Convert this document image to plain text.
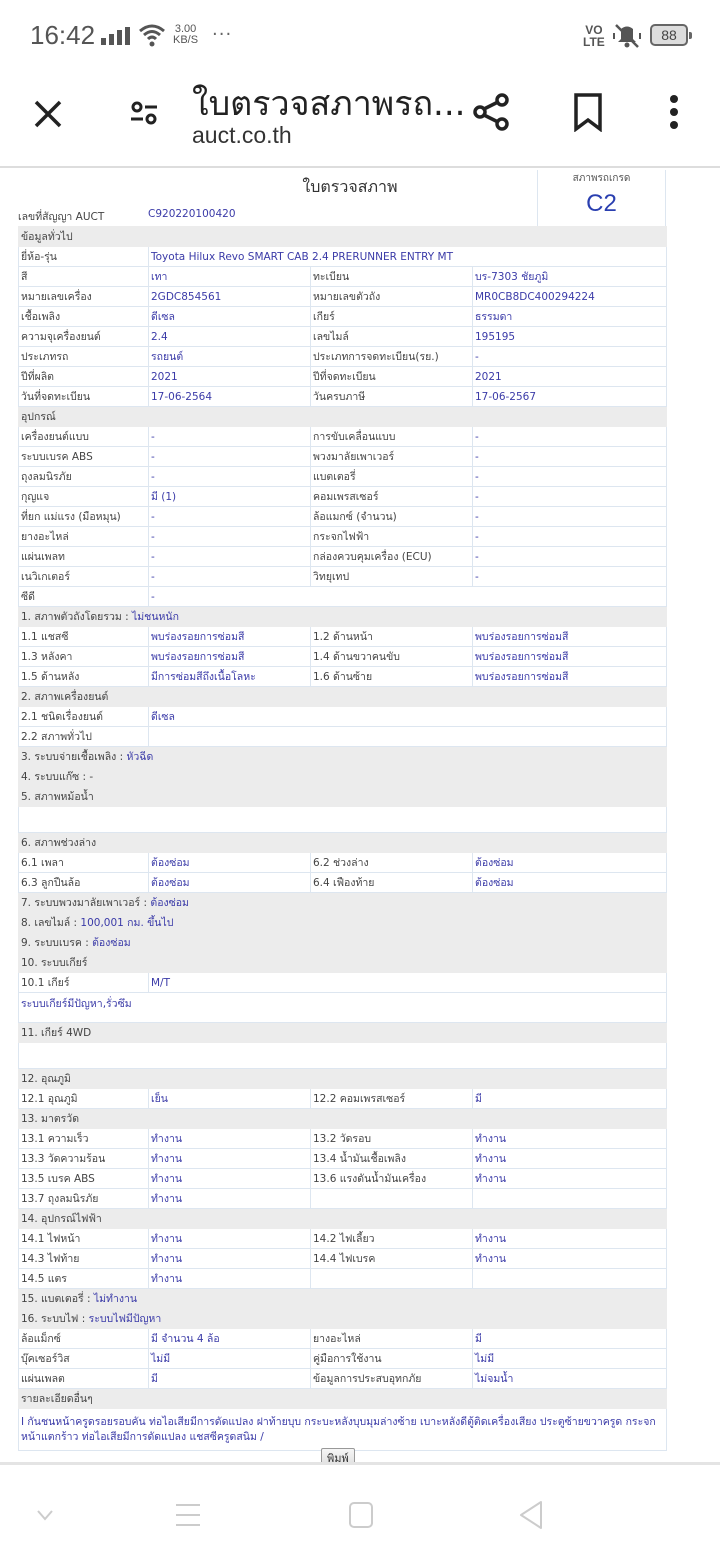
16:42	3.00
KB/S ···	VO
LTE	88
ใบตรวจสภาพรถ...
auct.co.th
ใบตรวจสภาพ	สภาพรถเกรด
C2
เลขที่สัญญา AUCT	C920220100420
ข้อมูลทั่วไป			
ยี่ห้อ-รุ่น	Toyota Hilux Revo SMART CAB 2.4 PRERUNNER ENTRY MT		
สี	เทา	ทะเบียน	บร-7303 ชัยภูมิ
หมายเลขเครื่อง	2GDC854561	หมายเลขตัวถัง	MR0CB8DC400294224
เชื้อเพลิง	ดีเซล	เกียร์	ธรรมดา
ความจุเครื่องยนต์	2.4	เลขไมล์	195195
ประเภทรถ	รถยนต์	ประเภทการจดทะเบียน(รย.)	-
ปีที่ผลิต	2021	ปีที่จดทะเบียน	2021
วันที่จดทะเบียน	17-06-2564	วันครบภาษี	17-06-2567
อุปกรณ์			
เครื่องยนต์แบบ	-	การขับเคลื่อนแบบ	-
ระบบเบรค ABS	-	พวงมาลัยเพาเวอร์	-
ถุงลมนิรภัย	-	แบตเตอรี่	-
กุญแจ	มี (1)	คอมเพรสเซอร์	-
ที่ยก แม่แรง (มือหมุน)	-	ล้อแมกซ์ (จำนวน)	-
ยางอะไหล่	-	กระจกไฟฟ้า	-
แผ่นเพลท	-	กล่องควบคุมเครื่อง (ECU)	-
เนวิเกเตอร์	-	วิทยุเทป	-
ซีดี	-		
1. สภาพตัวถังโดยรวม : ไม่ชนหนัก			
1.1 แชสซี	พบร่องรอยการซ่อมสี	1.2 ด้านหน้า	พบร่องรอยการซ่อมสี
1.3 หลังคา	พบร่องรอยการซ่อมสี	1.4 ด้านขวาคนขับ	พบร่องรอยการซ่อมสี
1.5 ด้านหลัง	มีการซ่อมสีถึงเนื้อโลหะ	1.6 ด้านซ้าย	พบร่องรอยการซ่อมสี
2. สภาพเครื่องยนต์			
2.1 ชนิดเรื่องยนต์	ดีเซล		
2.2 สภาพทั่วไป			
3. ระบบจ่ายเชื้อเพลิง : หัวฉีด			
4. ระบบแก๊ซ : -			
5. สภาพหม้อน้ำ			

6. สภาพช่วงล่าง			
6.1 เพลา	ต้องซ่อม	6.2 ช่วงล่าง	ต้องซ่อม
6.3 ลูกปืนล้อ	ต้องซ่อม	6.4 เฟืองท้าย	ต้องซ่อม
7. ระบบพวงมาลัยเพาเวอร์ : ต้องซ่อม			
8. เลขไมล์ : 100,001 กม. ขึ้นไป			
9. ระบบเบรค : ต้องซ่อม			
10. ระบบเกียร์			
10.1 เกียร์	M/T		
ระบบเกียร์มีปัญหา,รั่วซึม			
11. เกียร์ 4WD			

12. อุณภูมิ			
12.1 อุณภูมิ	เย็น	12.2 คอมเพรสเซอร์	มี
13. มาตรวัด			
13.1 ความเร็ว	ทำงาน	13.2 วัดรอบ	ทำงาน
13.3 วัดความร้อน	ทำงาน	13.4 น้ำมันเชื้อเพลิง	ทำงาน
13.5 เบรค ABS	ทำงาน	13.6 แรงดันน้ำมันเครื่อง	ทำงาน
13.7 ถุงลมนิรภัย	ทำงาน		
14. อุปกรณ์ไฟฟ้า			
14.1 ไฟหน้า	ทำงาน	14.2 ไฟเลี้ยว	ทำงาน
14.3 ไฟท้าย	ทำงาน	14.4 ไฟเบรค	ทำงาน
14.5 แตร	ทำงาน		
15. แบตเตอรี่ : ไม่ทำงาน			
16. ระบบไฟ : ระบบไฟมีปัญหา			
ล้อแม็กซ์	มี จำนวน 4 ล้อ	ยางอะไหล่	มี
บุ๊คเซอร์วิส	ไม่มี	คู่มือการใช้งาน	ไม่มี
แผ่นเพลต	มี	ข้อมูลการประสบอุทกภัย	ไม่จมน้ำ
รายละเอียดอื่นๆ			
I กันชนหน้าครูดรอยรอบคัน ท่อไอเสียมีการดัดแปลง ฝาท้ายบุบ กระบะหลังบุบมุมล่างซ้าย เบาะหลังดีตู้ติดเครื่องเสียง ประตูซ้ายขวาครูด กระจกหน้าแตกร้าว ท่อไอเสียมีการดัดแปลง แชสซีครูดสนิม /			
พิมพ์
